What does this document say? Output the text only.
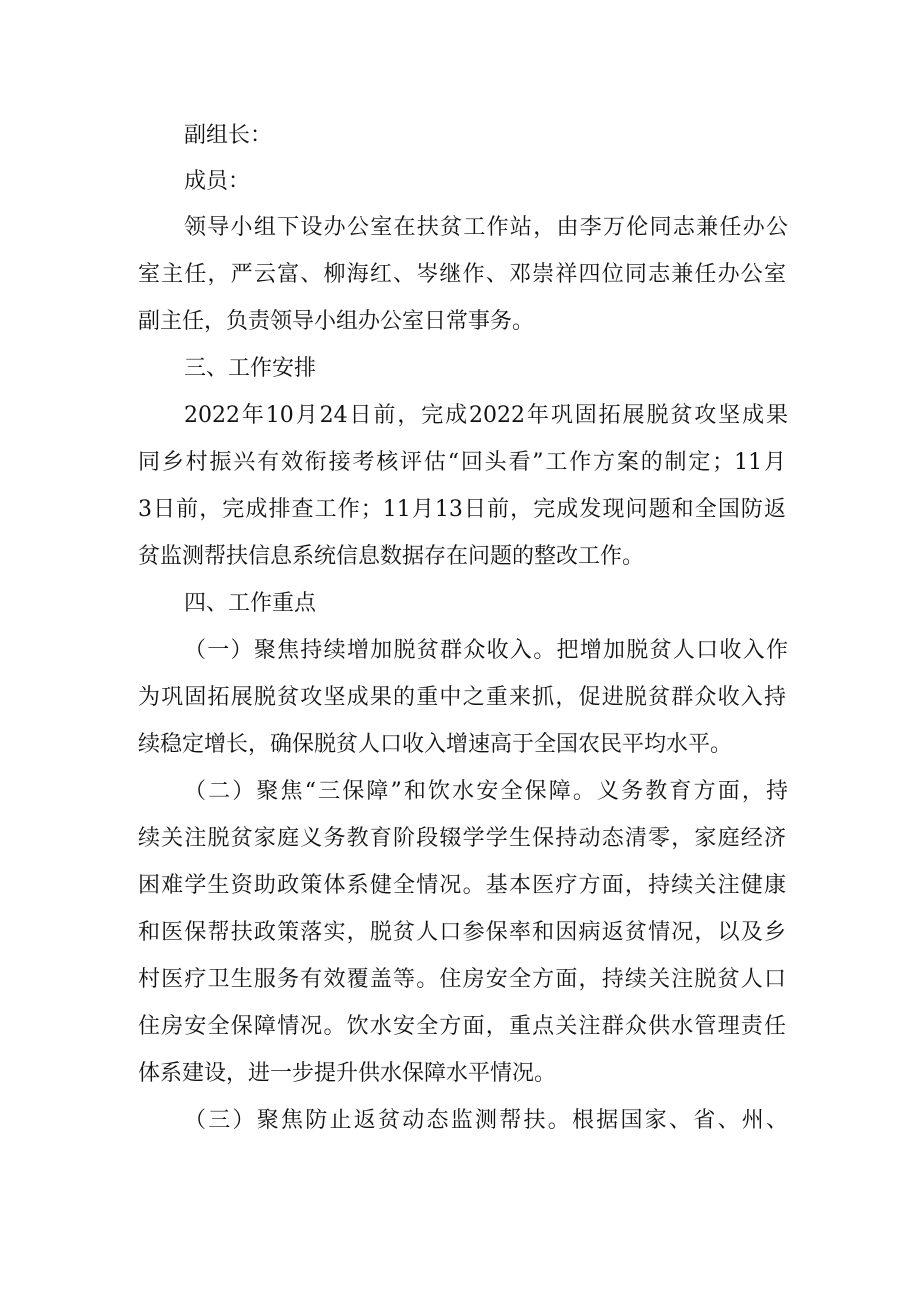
副组长：
成员：
领导小组下设办公室在扶贫工作站，由李万伦同志兼任办公
室主任，严云富、柳海红、岑继作、邓崇祥四位同志兼任办公室
副主任，负责领导小组办公室日常事务。
三、工作安排
2022年10月24日前，完成2022年巩固拓展脱贫攻坚成果
同乡村振兴有效衔接考核评估“回头看”工作方案的制定；11月
3日前，完成排查工作；11月13日前，完成发现问题和全国防返
贫监测帮扶信息系统信息数据存在问题的整改工作。
四、工作重点
（一）聚焦持续增加脱贫群众收入。把增加脱贫人口收入作
为巩固拓展脱贫攻坚成果的重中之重来抓，促进脱贫群众收入持
续稳定增长，确保脱贫人口收入增速高于全国农民平均水平。
（二）聚焦“三保障”和饮水安全保障。义务教育方面，持
续关注脱贫家庭义务教育阶段辍学学生保持动态清零，家庭经济
困难学生资助政策体系健全情况。基本医疗方面，持续关注健康
和医保帮扶政策落实，脱贫人口参保率和因病返贫情况，以及乡
村医疗卫生服务有效覆盖等。住房安全方面，持续关注脱贫人口
住房安全保障情况。饮水安全方面，重点关注群众供水管理责任
体系建设，进一步提升供水保障水平情况。
（三）聚焦防止返贫动态监测帮扶。根据国家、省、州、
